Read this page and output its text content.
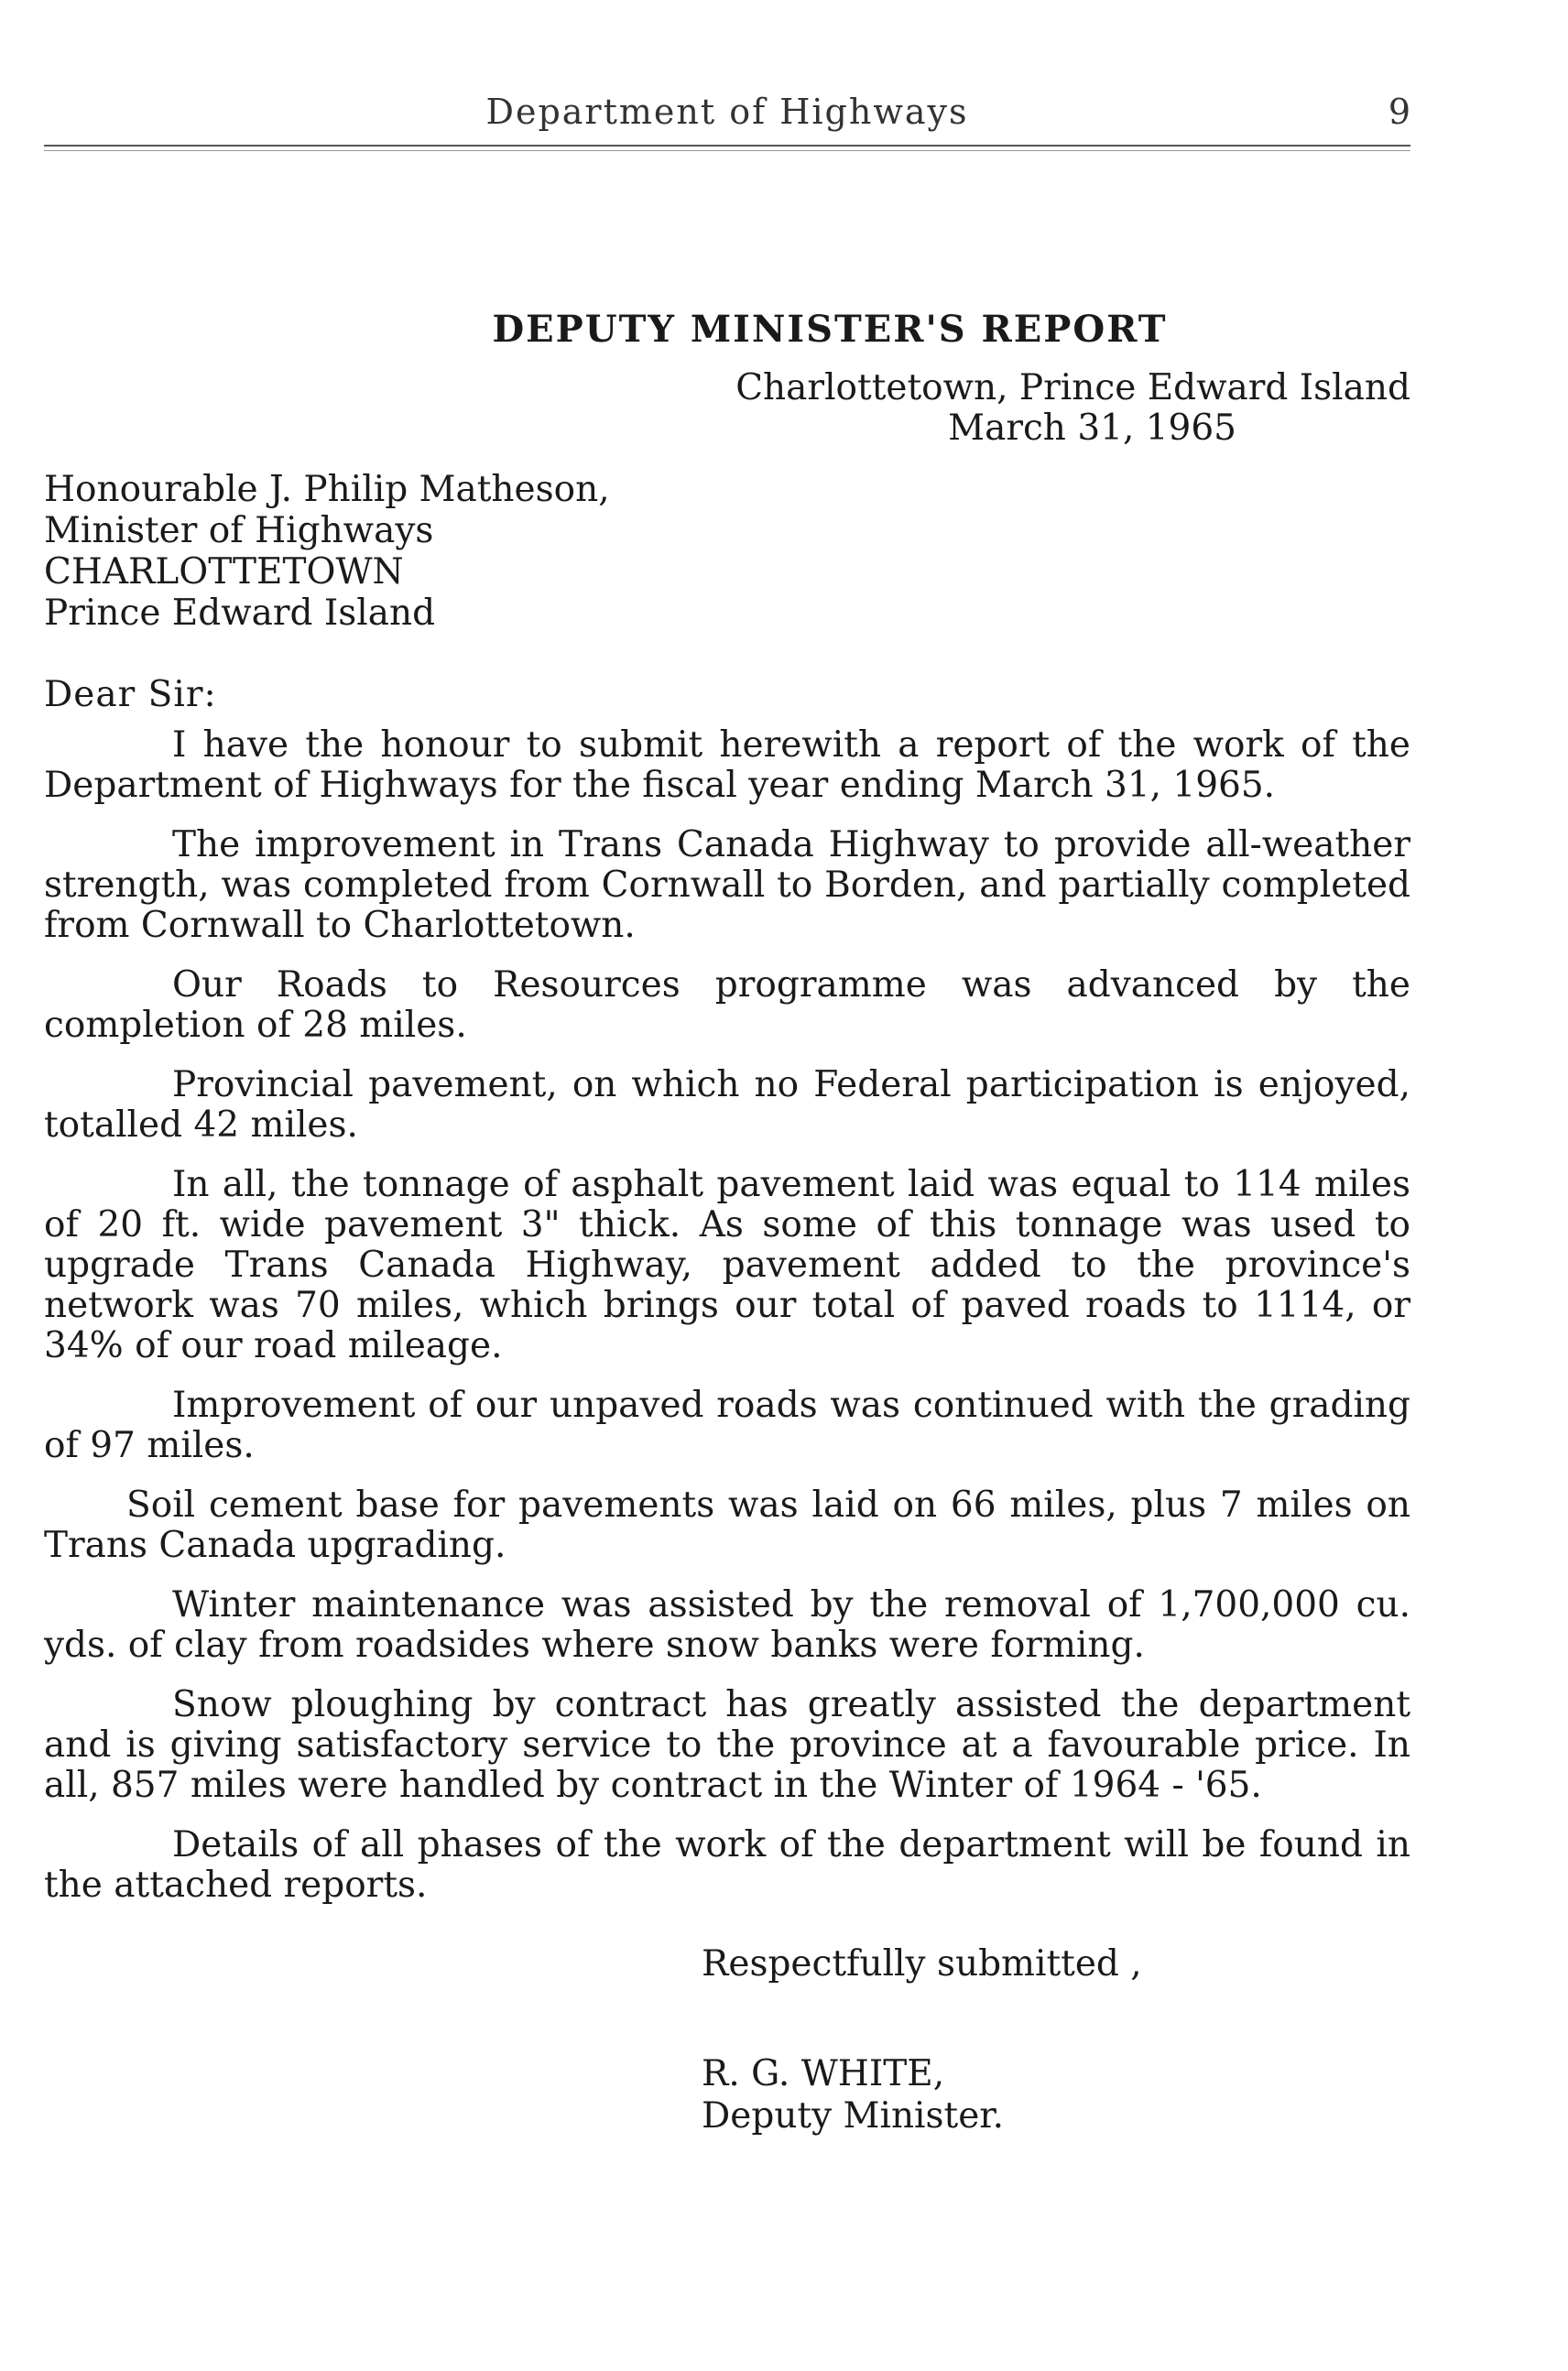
Department of Highways	9
DEPUTY MINISTER'S REPORT
Charlottetown, Prince Edward Island
March 31, 1965
Honourable J. Philip Matheson,
Minister of Highways
CHARLOTTETOWN
Prince Edward Island
Dear Sir:

I have the honour to submit herewith a report of the work of the Department of Highways for the fiscal year ending March 31, 1965.

The improvement in Trans Canada Highway to provide all-weather strength, was completed from Cornwall to Borden, and partially completed from Cornwall to Charlottetown.

Our Roads to Resources programme was advanced by the completion of 28 miles.

Provincial pavement, on which no Federal participation is enjoyed, totalled 42 miles.

In all, the tonnage of asphalt pavement laid was equal to 114 miles of 20 ft. wide pavement 3" thick. As some of this tonnage was used to upgrade Trans Canada Highway, pavement added to the province's network was 70 miles, which brings our total of paved roads to 1114, or 34% of our road mileage.

Improvement of our unpaved roads was continued with the grading of 97 miles.

Soil cement base for pavements was laid on 66 miles, plus 7 miles on Trans Canada upgrading.

Winter maintenance was assisted by the removal of 1,700,000 cu. yds. of clay from roadsides where snow banks were forming.

Snow ploughing by contract has greatly assisted the department and is giving satisfactory service to the province at a favourable price. In all, 857 miles were handled by contract in the Winter of 1964 - '65.

Details of all phases of the work of the department will be found in the attached reports.

Respectfully submitted ,
R. G. WHITE,
Deputy Minister.
